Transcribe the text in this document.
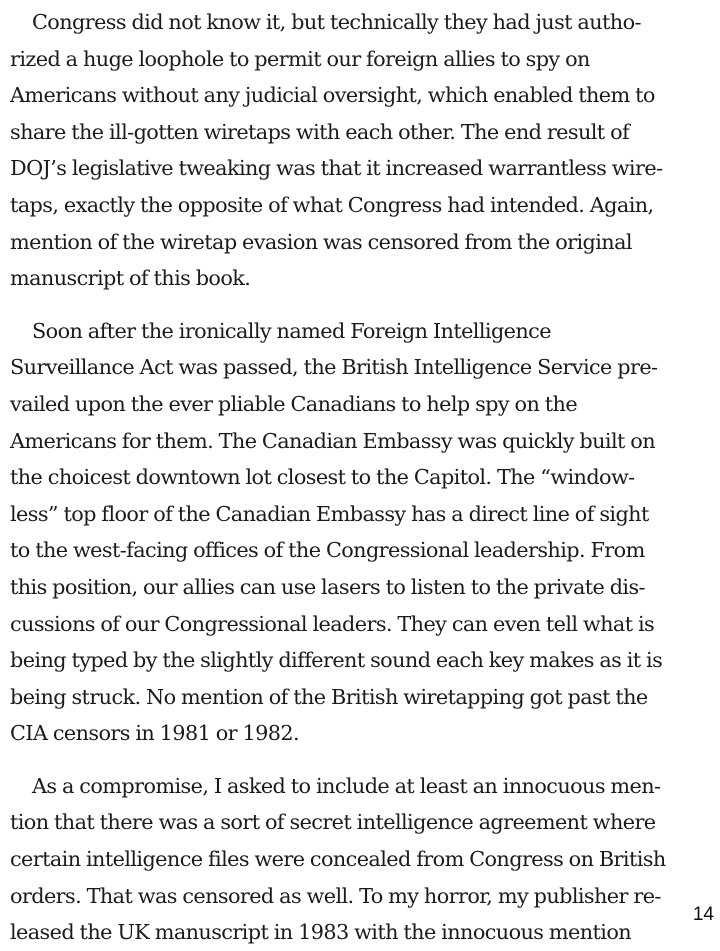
Congress did not know it, but technically they had just autho-
rized a huge loophole to permit our foreign allies to spy on
Americans without any judicial oversight, which enabled them to
share the ill-gotten wiretaps with each other. The end result of
DOJ’s legislative tweaking was that it increased warrantless wire-
taps, exactly the opposite of what Congress had intended. Again,
mention of the wiretap evasion was censored from the original
manuscript of this book.
Soon after the ironically named Foreign Intelligence
Surveillance Act was passed, the British Intelligence Service pre-
vailed upon the ever pliable Canadians to help spy on the
Americans for them. The Canadian Embassy was quickly built on
the choicest downtown lot closest to the Capitol. The “window-
less” top floor of the Canadian Embassy has a direct line of sight
to the west-facing offices of the Congressional leadership. From
this position, our allies can use lasers to listen to the private dis-
cussions of our Congressional leaders. They can even tell what is
being typed by the slightly different sound each key makes as it is
being struck. No mention of the British wiretapping got past the
CIA censors in 1981 or 1982.
As a compromise, I asked to include at least an innocuous men-
tion that there was a sort of secret intelligence agreement where
certain intelligence files were concealed from Congress on British
orders. That was censored as well. To my horror, my publisher re-
leased the UK manuscript in 1983 with the innocuous mention
14
